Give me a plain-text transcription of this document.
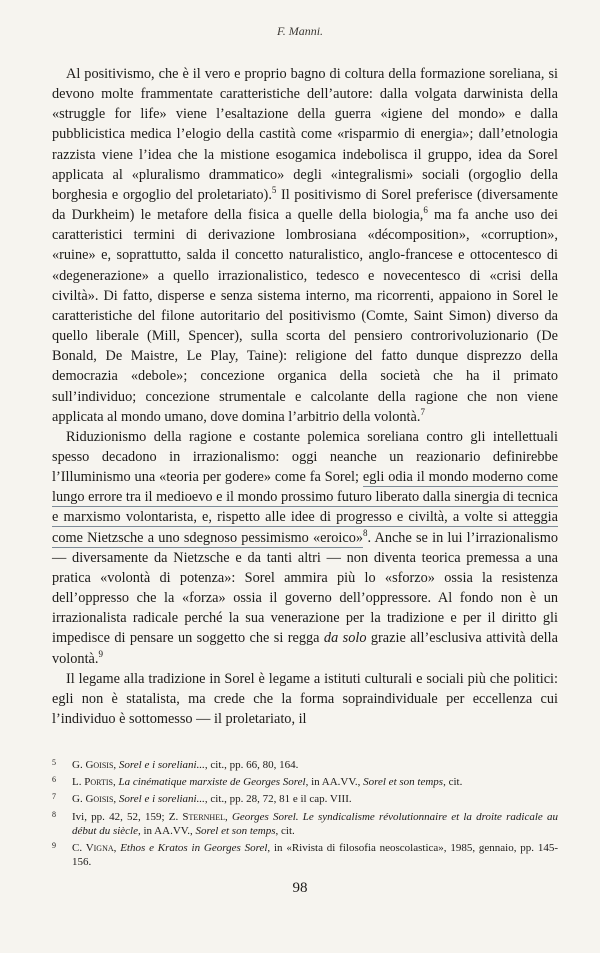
F. Manni.

Al positivismo, che è il vero e proprio bagno di coltura della formazione soreliana, si devono molte frammentate caratteristiche dell’autore: dalla volgata darwinista della «struggle for life» viene l’esaltazione della guerra «igiene del mondo» e dalla pubblicistica medica l’elogio della castità come «risparmio di energia»; dall’etnologia razzista viene l’idea che la mistione esogamica indebolisca il gruppo, idea da Sorel applicata al «pluralismo drammatico» degli «integralismi» sociali (orgoglio della borghesia e orgoglio del proletariato).$^5$ Il positivismo di Sorel preferisce (diversamente da Durkheim) le metafore della fisica a quelle della biologia,$^6$ ma fa anche uso dei caratteristici termini di derivazione lombrosiana «décomposition», «corruption», «ruine» e, soprattutto, salda il concetto naturalistico, anglo-francese e ottocentesco di «degenerazione» a quello irrazionalistico, tedesco e novecentesco di «crisi della civiltà». Di fatto, disperse e senza sistema interno, ma ricorrenti, appaiono in Sorel le caratteristiche del filone autoritario del positivismo (Comte, Saint Simon) diverso da quello liberale (Mill, Spencer), sulla scorta del pensiero controrivoluzionario (De Bonald, De Maistre, Le Play, Taine): religione del fatto dunque disprezzo della democrazia «debole»; concezione organica della società che ha il primato sull’individuo; concezione strumentale e calcolante della ragione che non viene applicata al mondo umano, dove domina l’arbitrio della volontà.$^7$

Riduzionismo della ragione e costante polemica soreliana contro gli intellettuali spesso decadono in irrazionalismo: oggi neanche un reazionario definirebbe l’Illuminismo una «teoria per godere» come fa Sorel; egli odia il mondo moderno come lungo errore tra il medioevo e il mondo prossimo futuro liberato dalla sinergia di tecnica e marxismo volontarista, e, rispetto alle idee di progresso e civiltà, a volte si atteggia come Nietzsche a uno sdegnoso pessimismo «eroico»$^8$. Anche se in lui l’irrazionalismo — diversamente da Nietzsche e da tanti altri — non diventa teorica premessa a una pratica «volontà di potenza»: Sorel ammira più lo «sforzo» ossia la resistenza dell’oppresso che la «forza» ossia il governo dell’oppressore. Al fondo non è un irrazionalista radicale perché la sua venerazione per la tradizione e per il diritto gli impedisce di pensare un soggetto che si regga da solo grazie all’esclusiva attività della volontà.$^9$

Il legame alla tradizione in Sorel è legame a istituti culturali e sociali più che politici: egli non è statalista, ma crede che la forma sopraindividuale per eccellenza cui l’individuo è sottomesso — il proletariato, il

5 G. Goisis, Sorel e i soreliani..., cit., pp. 66, 80, 164.
6 L. Portis, La cinématique marxiste de Georges Sorel, in AA.VV., Sorel et son temps, cit.
7 G. Goisis, Sorel e i soreliani..., cit., pp. 28, 72, 81 e il cap. VIII.
8 Ivi, pp. 42, 52, 159; Z. Sternhel, Georges Sorel. Le syndicalisme révolutionnaire et la droite radicale au début du siècle, in AA.VV., Sorel et son temps, cit.
9 C. Vigna, Ethos e Kratos in Georges Sorel, in «Rivista di filosofia neoscolastica», 1985, gennaio, pp. 145-156.
98
